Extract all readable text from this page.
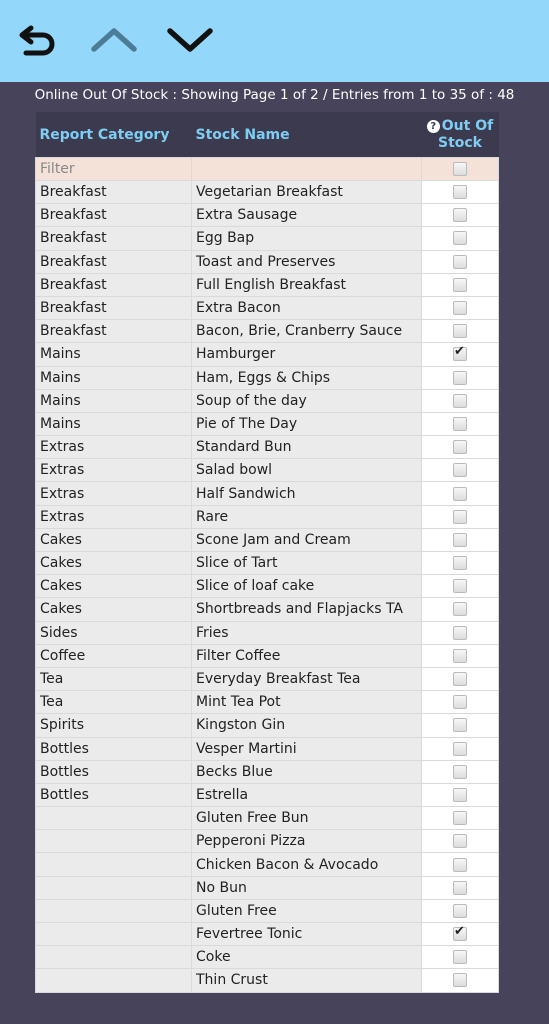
Online Out Of Stock : Showing Page 1 of 2 / Entries from 1 to 35 of : 48
Report Category	Stock Name	? Out Of Stock
Filter		
Breakfast	Vegetarian Breakfast	
Breakfast	Extra Sausage	
Breakfast	Egg Bap	
Breakfast	Toast and Preserves	
Breakfast	Full English Breakfast	
Breakfast	Extra Bacon	
Breakfast	Bacon, Brie, Cranberry Sauce	
Mains	Hamburger	✔
Mains	Ham, Eggs & Chips	
Mains	Soup of the day	
Mains	Pie of The Day	
Extras	Standard Bun	
Extras	Salad bowl	
Extras	Half Sandwich	
Extras	Rare	
Cakes	Scone Jam and Cream	
Cakes	Slice of Tart	
Cakes	Slice of loaf cake	
Cakes	Shortbreads and Flapjacks TA	
Sides	Fries	
Coffee	Filter Coffee	
Tea	Everyday Breakfast Tea	
Tea	Mint Tea Pot	
Spirits	Kingston Gin	
Bottles	Vesper Martini	
Bottles	Becks Blue	
Bottles	Estrella	
	Gluten Free Bun	
	Pepperoni Pizza	
	Chicken Bacon & Avocado	
	No Bun	
	Gluten Free	
	Fevertree Tonic	✔
	Coke	
	Thin Crust	
